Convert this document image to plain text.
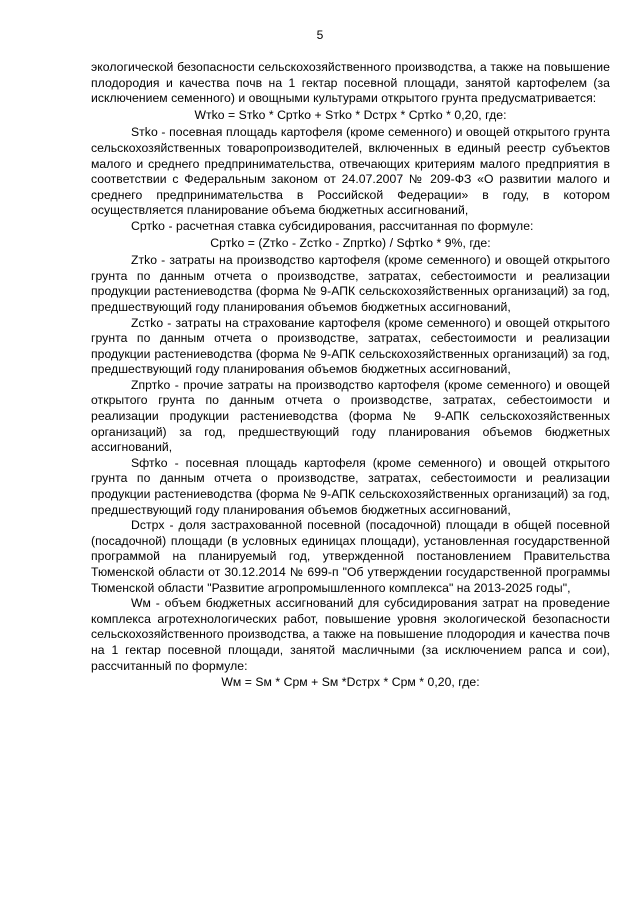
5

экологической безопасности сельскохозяйственного производства, а также на повышение плодородия и качества почв на 1 гектар посевной площади, занятой картофелем (за исключением семенного) и овощными культурами открытого грунта предусматривается:

Wтko = Sтko * Cртko + Sтko * Dстрх * Cртko * 0,20, где:

Sтko - посевная площадь картофеля (кроме семенного) и овощей открытого грунта сельскохозяйственных товаропроизводителей, включенных в единый реестр субъектов малого и среднего предпринимательства, отвечающих критериям малого предприятия в соответствии с Федеральным законом от 24.07.2007 № 209-ФЗ «О развитии малого и среднего предпринимательства в Российской Федерации» в году, в котором осуществляется планирование объема бюджетных ассигнований,

Cртko - расчетная ставка субсидирования, рассчитанная по формуле:

Cртko = (Zтko - Zстko - Zпртko) / Sфтko * 9%, где:

Zтko - затраты на производство картофеля (кроме семенного) и овощей открытого грунта по данным отчета о производстве, затратах, себестоимости и реализации продукции растениеводства (форма № 9-АПК сельскохозяйственных организаций) за год, предшествующий году планирования объемов бюджетных ассигнований,

Zстko - затраты на страхование картофеля (кроме семенного) и овощей открытого грунта по данным отчета о производстве, затратах, себестоимости и реализации продукции растениеводства (форма № 9-АПК сельскохозяйственных организаций) за год, предшествующий году планирования объемов бюджетных ассигнований,

Zпртko - прочие затраты на производство картофеля (кроме семенного) и овощей открытого грунта по данным отчета о производстве, затратах, себестоимости и реализации продукции растениеводства (форма № 9-АПК сельскохозяйственных организаций) за год, предшествующий году планирования объемов бюджетных ассигнований,

Sфтko - посевная площадь картофеля (кроме семенного) и овощей открытого грунта по данным отчета о производстве, затратах, себестоимости и реализации продукции растениеводства (форма № 9-АПК сельскохозяйственных организаций) за год, предшествующий году планирования объемов бюджетных ассигнований,

Dстрх - доля застрахованной посевной (посадочной) площади в общей посевной (посадочной) площади (в условных единицах площади), установленная государственной программой на планируемый год, утвержденной постановлением Правительства Тюменской области от 30.12.2014 № 699-п "Об утверждении государственной программы Тюменской области "Развитие агропромышленного комплекса" на 2013-2025 годы",

Wм - объем бюджетных ассигнований для субсидирования затрат на проведение комплекса агротехнологических работ, повышение уровня экологической безопасности сельскохозяйственного производства, а также на повышение плодородия и качества почв на 1 гектар посевной площади, занятой масличными (за исключением рапса и сои), рассчитанный по формуле:

Wм = Sм * Cрм + Sм *Dстрх * Cрм * 0,20, где:
